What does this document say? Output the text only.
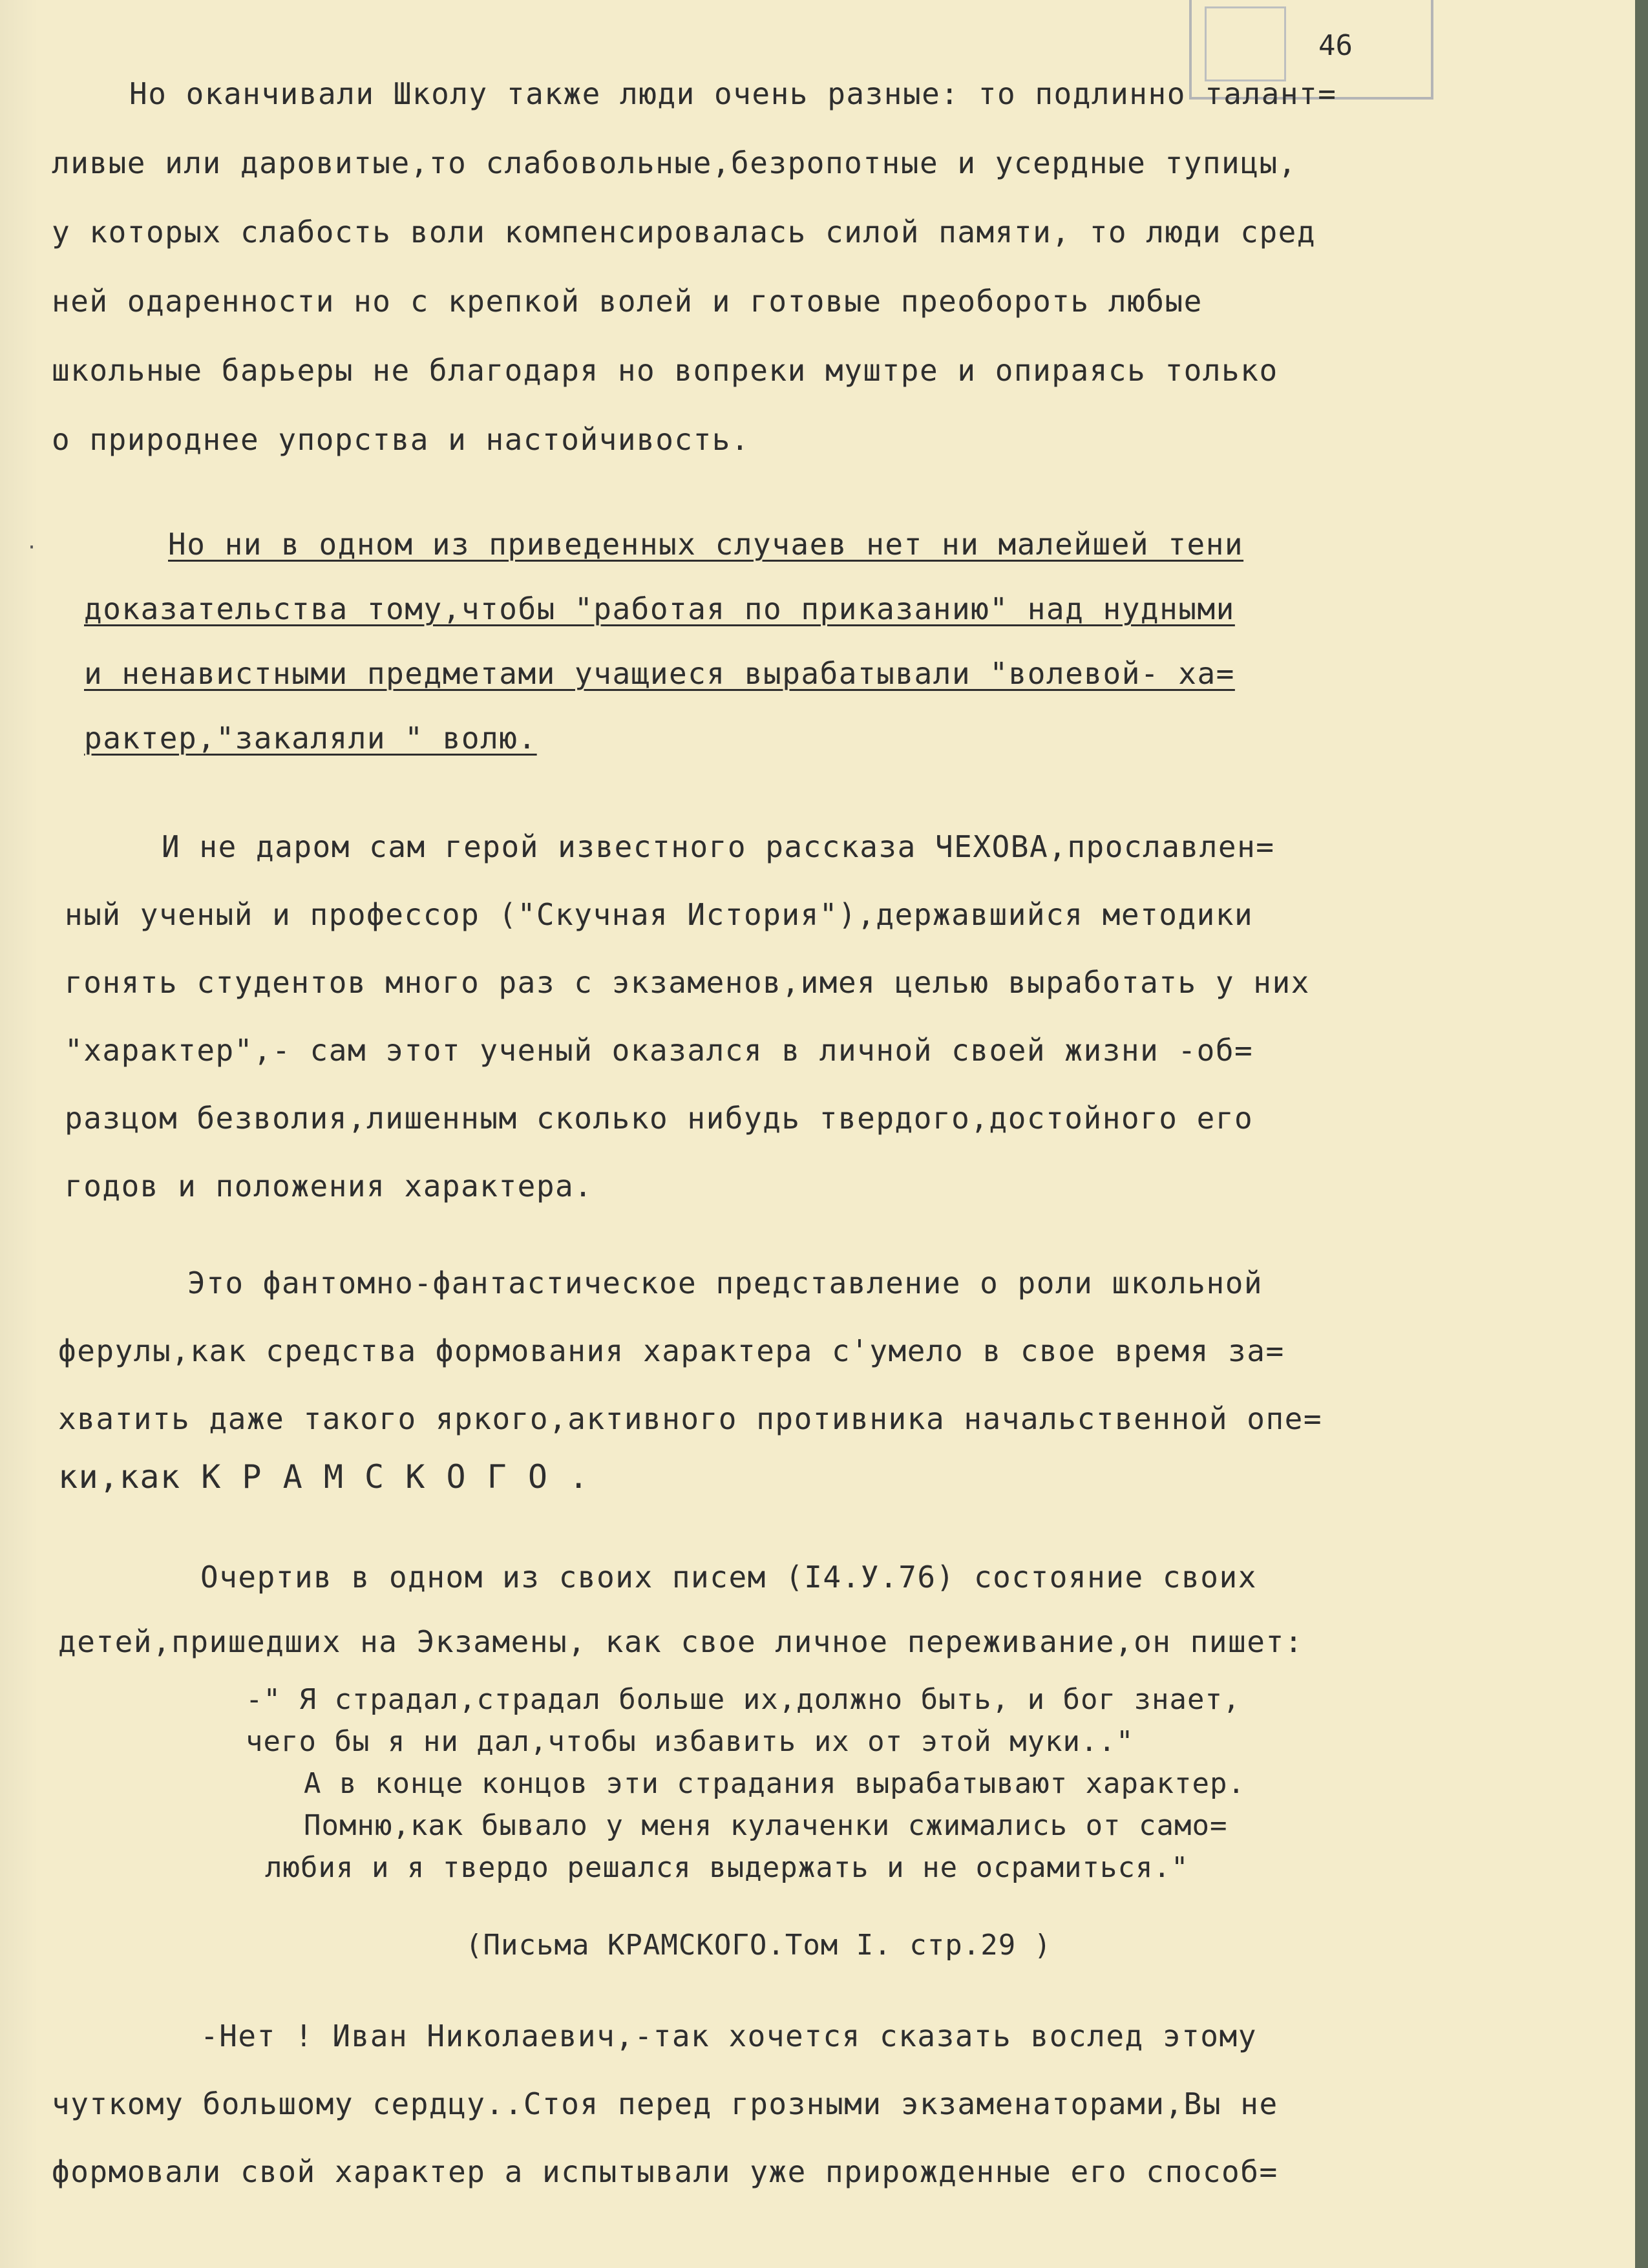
46
·
Но оканчивали Школу также люди очень разные: то подлинно талант=
ливые или даровитые,то слабовольные,безропотные и усердные тупицы,
у которых слабость воли компенсировалась силой памяти, то люди сред
ней одаренности но с крепкой волей и готовые преоборoть любые
школьные барьеры не благодаря но вопреки муштре и опираясь только
о природнее упорства и настойчивость.
Но ни в одном из приведенных случаев нет ни малейшей тени
доказательства тому,чтобы "работая по приказанию" над нудными
и ненавистными предметами учащиеся вырабатывали "волевой- ха=
рактер,"закаляли " волю.
И не даром сам герой известного рассказа ЧЕХОВА,прославлен=
ный ученый и профессор ("Скучная История"),державшийся методики
гонять студентов много раз с экзаменов,имея целью выработать у них
"характер",- сам этот ученый оказался в личной своей жизни -об=
разцом безволия,лишенным сколько нибудь твердого,достойного его
годов и положения характера.
Это фантомно-фантастическое представление о роли школьной
ферулы,как средства формования характера с'умело в свое время за=
хватить даже такого яркого,активного противника начальственной опе=
ки,как К Р А М С К О Г О .
Очертив в одном из своих писем (I4.У.76) состояние своих
детей,пришедших на Экзамены, как свое личное переживание,он пишет:
-" Я страдал,страдал больше их,должно быть, и бог знает,
чего бы я ни дал,чтобы избавить их от этой муки.."
А в конце концов эти страдания вырабатывают характер.
Помню,как бывало у меня кулаченки сжимались от само=
любия и я твердо решался выдержать и не осрамиться."
(Письма КРАМСКОГО.Том I. стр.29 )
-Нет ! Иван Николаевич,-так хочется сказать вослед этому
чуткому большому сердцу..Стоя перед грозными экзаменаторами,Вы не
формовали свой характер а испытывали уже прирожденные его способ=
